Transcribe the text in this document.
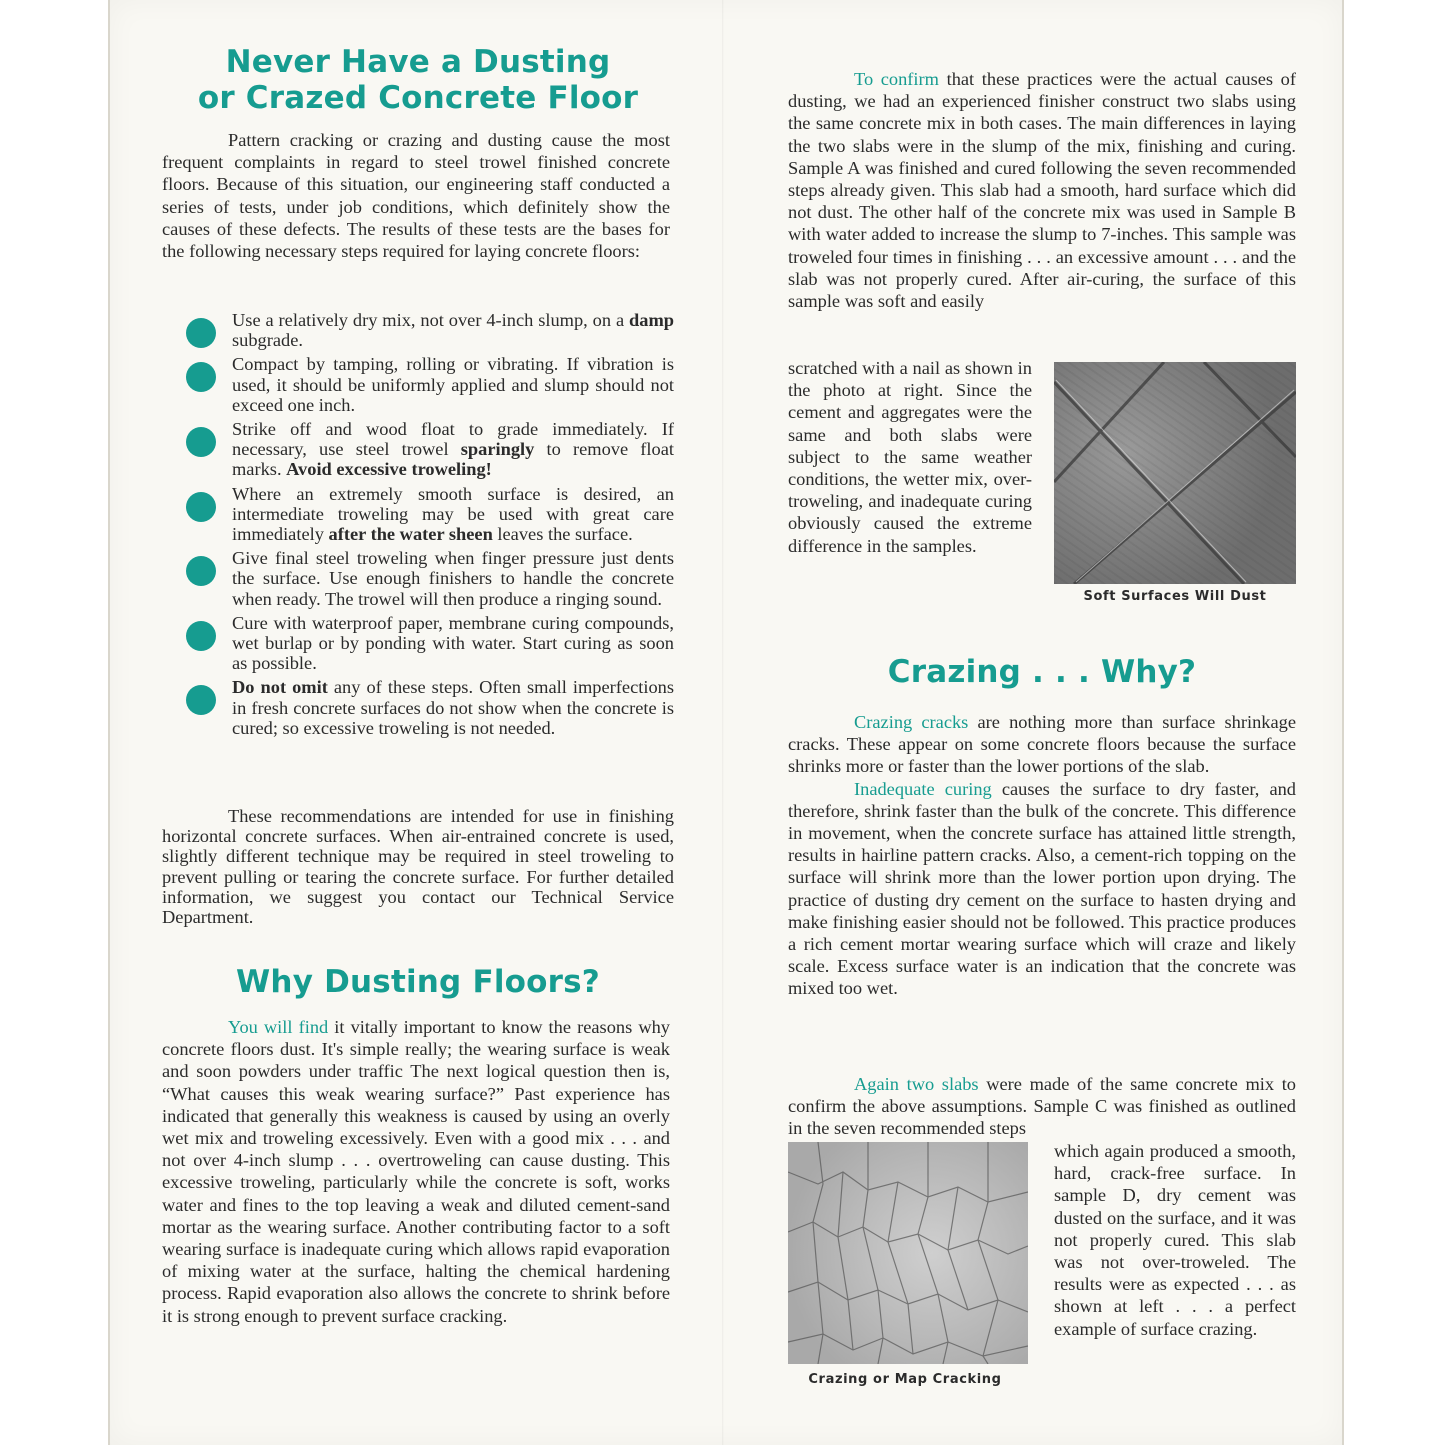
Never Have a Dusting
or Crazed Concrete Floor

Pattern cracking or crazing and dusting cause the most frequent complaints in regard to steel trowel finished concrete floors. Because of this situation, our engineering staff conducted a series of tests, under job conditions, which definitely show the causes of these defects. The results of these tests are the bases for the following necessary steps required for laying concrete floors:

Use a relatively dry mix, not over 4-inch slump, on a damp subgrade.
Compact by tamping, rolling or vibrating. If vibration is used, it should be uniformly applied and slump should not exceed one inch.
Strike off and wood float to grade immediately. If necessary, use steel trowel sparingly to remove float marks. Avoid excessive troweling!
Where an extremely smooth surface is desired, an intermediate troweling may be used with great care immediately after the water sheen leaves the surface.
Give final steel troweling when finger pressure just dents the surface. Use enough finishers to handle the concrete when ready. The trowel will then produce a ringing sound.
Cure with waterproof paper, membrane curing compounds, wet burlap or by ponding with water. Start curing as soon as possible.
Do not omit any of these steps. Often small imperfections in fresh concrete surfaces do not show when the concrete is cured; so excessive troweling is not needed.

These recommendations are intended for use in finishing horizontal concrete surfaces. When air-entrained concrete is used, slightly different technique may be required in steel troweling to prevent pulling or tearing the concrete surface. For further detailed information, we suggest you contact our Technical Service Department.

Why Dusting Floors?

You will find it vitally important to know the reasons why concrete floors dust. It's simple really; the wearing surface is weak and soon powders under traffic The next logical question then is, “What causes this weak wearing surface?” Past experience has indicated that generally this weakness is caused by using an overly wet mix and troweling excessively. Even with a good mix . . . and not over 4-inch slump . . . overtroweling can cause dusting. This excessive troweling, particularly while the concrete is soft, works water and fines to the top leaving a weak and diluted cement-sand mortar as the wearing surface. Another contributing factor to a soft wearing surface is inadequate curing which allows rapid evaporation of mixing water at the surface, halting the chemical hardening process. Rapid evaporation also allows the concrete to shrink before it is strong enough to prevent surface cracking.

To confirm that these practices were the actual causes of dusting, we had an experienced finisher construct two slabs using the same concrete mix in both cases. The main differences in laying the two slabs were in the slump of the mix, finishing and curing. Sample A was finished and cured following the seven recommended steps already given. This slab had a smooth, hard surface which did not dust. The other half of the concrete mix was used in Sample B with water added to increase the slump to 7-inches. This sample was troweled four times in finishing . . . an excessive amount . . . and the slab was not properly cured. After air-curing, the surface of this sample was soft and easily

scratched with a nail as shown in the photo at right. Since the cement and aggregates were the same and both slabs were subject to the same weather conditions, the wetter mix, over-troweling, and inadequate curing obviously caused the extreme difference in the samples.

Soft Surfaces Will Dust
Crazing . . . Why?

Crazing cracks are nothing more than surface shrinkage cracks. These appear on some concrete floors because the surface shrinks more or faster than the lower portions of the slab.

Inadequate curing causes the surface to dry faster, and therefore, shrink faster than the bulk of the concrete. This difference in movement, when the concrete surface has attained little strength, results in hairline pattern cracks. Also, a cement-rich topping on the surface will shrink more than the lower portion upon drying. The practice of dusting dry cement on the surface to hasten drying and make finishing easier should not be followed. This practice produces a rich cement mortar wearing surface which will craze and likely scale. Excess surface water is an indication that the concrete was mixed too wet.

Again two slabs were made of the same concrete mix to confirm the above assumptions. Sample C was finished as outlined in the seven recommended steps

Crazing or Map Cracking

which again produced a smooth, hard, crack-free surface. In sample D, dry cement was dusted on the surface, and it was not properly cured. This slab was not over-troweled. The results were as expected . . . as shown at left . . . a perfect example of surface crazing.
